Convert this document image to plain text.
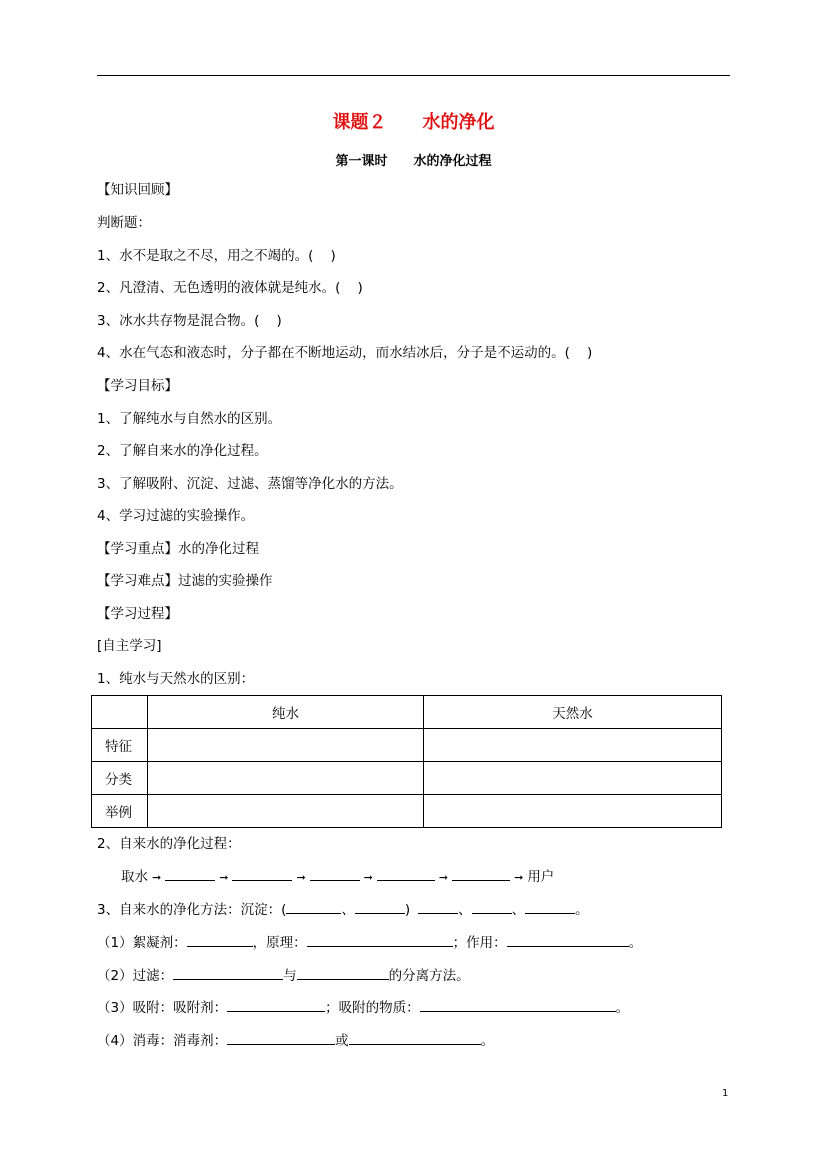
课题２　　水的净化
第一课时　　水的净化过程
【知识回顾】
判断题：
1、水不是取之不尽，用之不竭的。(    )
2、凡澄清、无色透明的液体就是纯水。(    )
3、冰水共存物是混合物。(    )
4、水在气态和液态时，分子都在不断地运动，而水结冰后，分子是不运动的。(    )
【学习目标】
1、了解纯水与自然水的区别。
2、了解自来水的净化过程。
3、了解吸附、沉淀、过滤、蒸馏等净化水的方法。
4、学习过滤的实验操作。
【学习重点】水的净化过程
【学习难点】过滤的实验操作
【学习过程】
[自主学习]
1、纯水与天然水的区别：
	纯水	天然水
特征		
分类		
举例		
2、自来水的净化过程：
取水 ➞	➞	➞	➞	➞	➞ 用户
3、自来水的净化方法：沉淀：(	、	)	、	、	。
（1）絮凝剂：	，原理：	；作用：	。
（2）过滤：	与	的分离方法。
（3）吸附：吸附剂：	；吸附的物质：	。
（4）消毒：消毒剂：	或	。
1
